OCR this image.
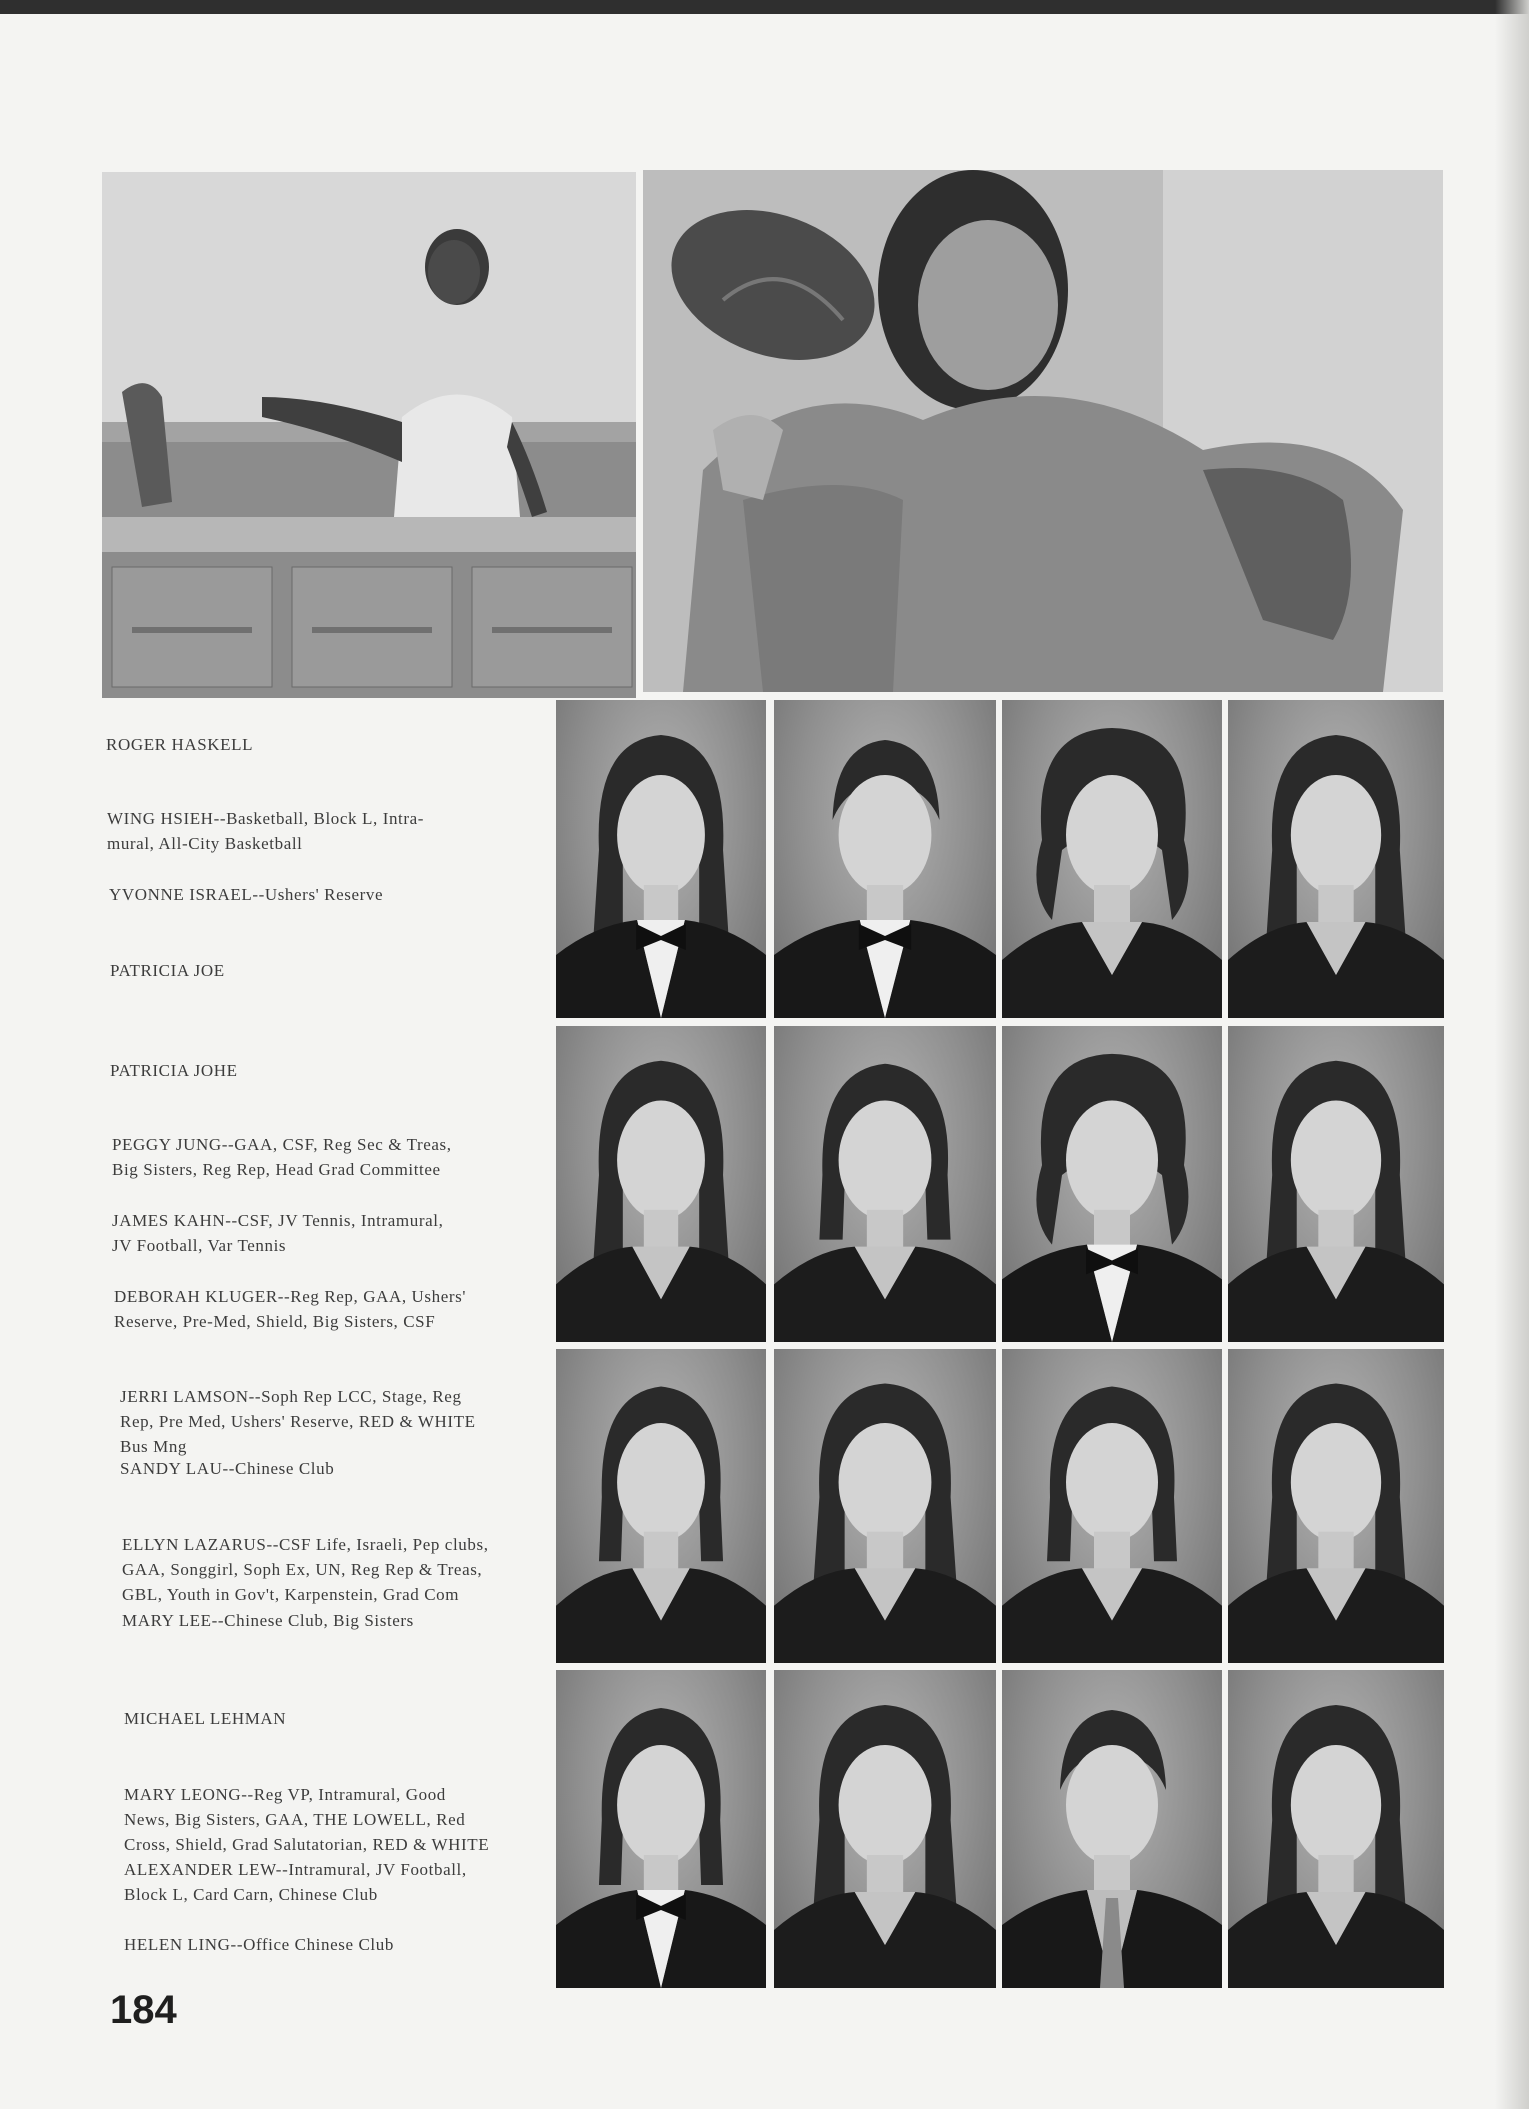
ROGER HASKELL
WING HSIEH--Basketball, Block L, Intra-
mural, All-City Basketball
YVONNE ISRAEL--Ushers' Reserve
PATRICIA JOE
PATRICIA JOHE
PEGGY JUNG--GAA, CSF, Reg Sec & Treas,
Big Sisters, Reg Rep, Head Grad Committee
JAMES KAHN--CSF, JV Tennis, Intramural,
JV Football, Var Tennis
DEBORAH KLUGER--Reg Rep, GAA, Ushers'
Reserve, Pre-Med, Shield, Big Sisters, CSF
JERRI LAMSON--Soph Rep LCC, Stage, Reg
Rep, Pre Med, Ushers' Reserve, RED & WHITE
Bus Mng
SANDY LAU--Chinese Club
ELLYN LAZARUS--CSF Life, Israeli, Pep clubs,
GAA, Songgirl, Soph Ex, UN, Reg Rep & Treas,
GBL, Youth in Gov't, Karpenstein, Grad Com
MARY LEE--Chinese Club, Big Sisters
MICHAEL LEHMAN
MARY LEONG--Reg VP, Intramural, Good
News, Big Sisters, GAA, THE LOWELL, Red
Cross, Shield, Grad Salutatorian, RED & WHITE
ALEXANDER LEW--Intramural, JV Football,
Block L, Card Carn, Chinese Club
HELEN LING--Office Chinese Club
184
